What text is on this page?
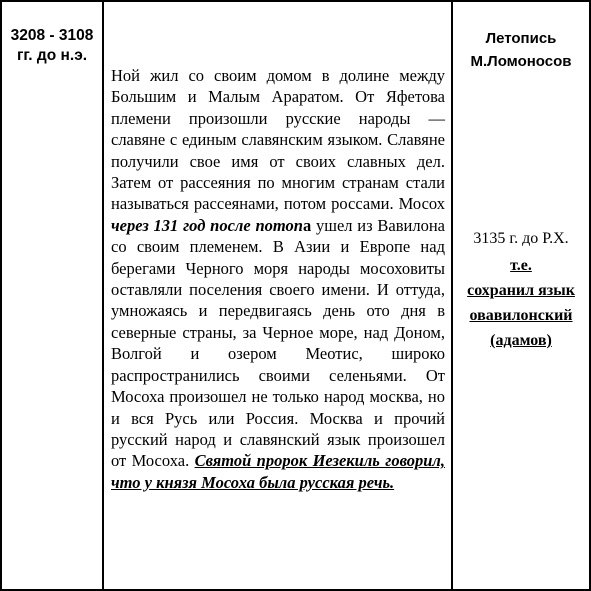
3208 - 3108
гг. до н.э.
Ной жил со своим домом в долине между Большим и Малым Араратом. От Яфетова племени произошли русские народы — славяне с единым славянским языком. Славяне получили свое имя от своих славных дел. Затем от рассеяния по многим странам стали называться рассеянами, потом россами. Мосох через 131 год после потопа ушел из Вавилона со своим племенем. В Азии и Европе над берегами Черного моря народы мосоховиты оставляли поселения своего имени. И оттуда, умножаясь и передвигаясь день ото дня в северные страны, за Черное море, над Доном, Волгой и озером Меотис, широко распространились своими селеньями. От Мосоха произошел не только народ москва, но и вся Русь или Россия. Москва и прочий русский народ и славянский язык произошел от Мосоха. Святой пророк Иезекиль говорил, что у князя Мосоха была русская речь.
Летопись
М.Ломоносов
3135 г. до Р.Х.
т.е.
сохранил язык
овавилонский
(адамов)
